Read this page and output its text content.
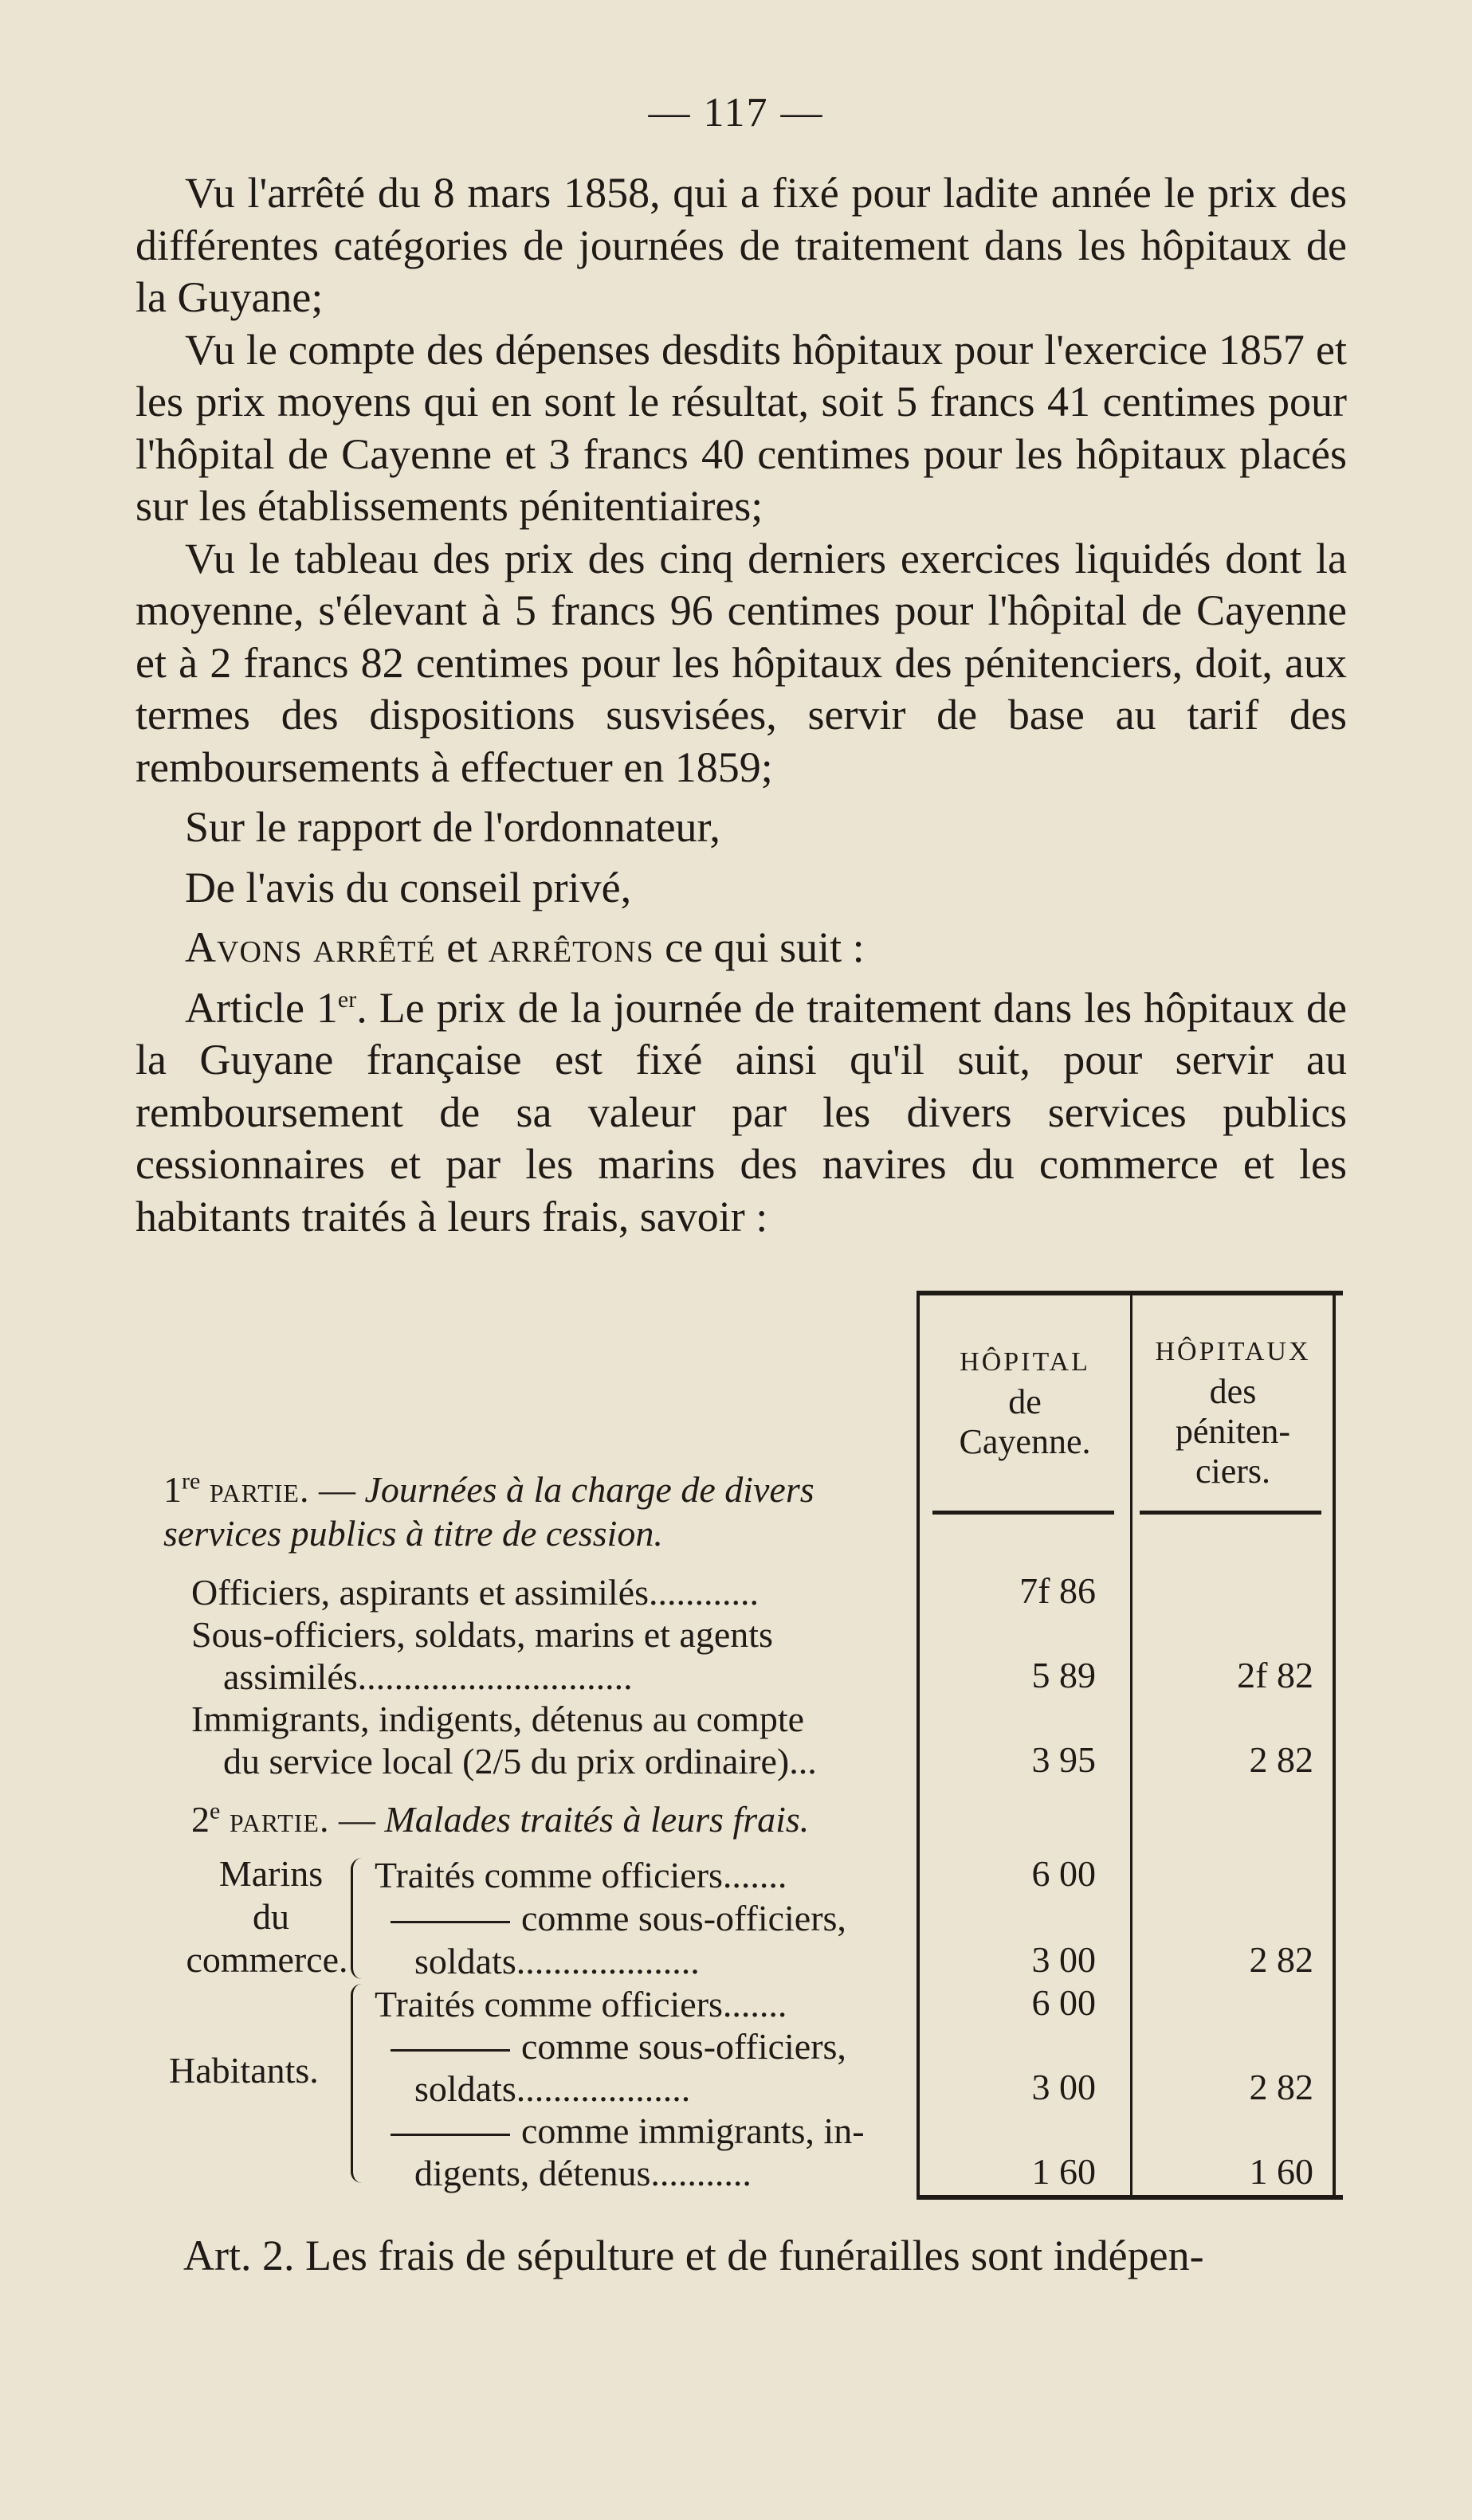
— 117 —

Vu l'arrêté du 8 mars 1858, qui a fixé pour ladite année le prix des différentes catégories de journées de traitement dans les hôpitaux de la Guyane;

Vu le compte des dépenses desdits hôpitaux pour l'exercice 1857 et les prix moyens qui en sont le résultat, soit 5 francs 41 centimes pour l'hôpital de Cayenne et 3 francs 40 centimes pour les hôpitaux placés sur les établissements pénitentiaires;

Vu le tableau des prix des cinq derniers exercices liquidés dont la moyenne, s'élevant à 5 francs 96 centimes pour l'hôpital de Cayenne et à 2 francs 82 centimes pour les hôpitaux des pénitenciers, doit, aux termes des dispositions susvisées, servir de base au tarif des remboursements à effectuer en 1859;

Sur le rapport de l'ordonnateur,

De l'avis du conseil privé,

Avons arrêté et arrêtons ce qui suit :

Article 1er. Le prix de la journée de traitement dans les hôpitaux de la Guyane française est fixé ainsi qu'il suit, pour servir au remboursement de sa valeur par les divers services publics cessionnaires et par les marins des navires du commerce et les habitants traités à leurs frais, savoir :

HÔPITAL
de
Cayenne.
HÔPITAUX
des
péniten-
ciers.
1re partie. — Journées à la charge de divers services publics à titre de cession.
Officiers, aspirants et assimilés............	7f 86
Sous-officiers, soldats, marins et agents
assimilés..............................	5 89	2f 82
Immigrants, indigents, détenus au compte
du service local (2/5 du prix ordinaire)...	3 95	2 82
2e partie. — Malades traités à leurs frais.
Marins
du
commerce.
Traités comme officiers.......	6 00
comme sous-officiers,
soldats....................	3 00	2 82
Habitants.
Traités comme officiers.......	6 00
comme sous-officiers,
soldats...................	3 00	2 82
comme immigrants, in-
digents, détenus...........	1 60	1 60
Art. 2. Les frais de sépulture et de funérailles sont indépen-
